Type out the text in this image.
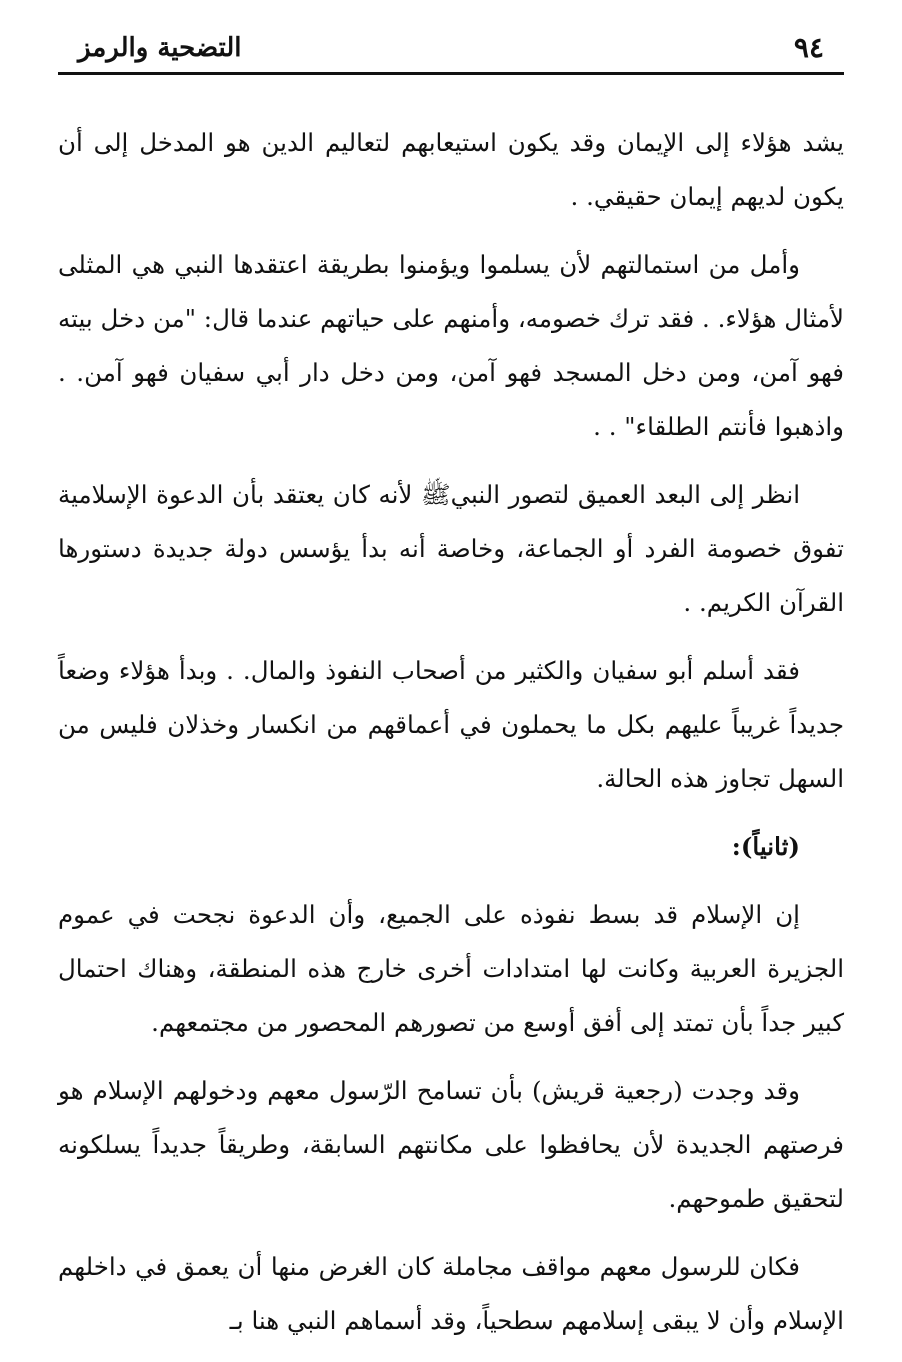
٩٤
التضحية والرمز

يشد هؤلاء إلى الإيمان وقد يكون استيعابهم لتعاليم الدين هو المدخل إلى أن يكون لديهم إيمان حقيقي. .

وأمل من استمالتهم لأن يسلموا ويؤمنوا بطريقة اعتقدها النبي هي المثلى لأمثال هؤلاء. . فقد ترك خصومه، وأمنهم على حياتهم عندما قال: "من دخل بيته فهو آمن، ومن دخل المسجد فهو آمن، ومن دخل دار أبي سفيان فهو آمن. . واذهبوا فأنتم الطلقاء" . .

انظر إلى البعد العميق لتصور النبيﷺ لأنه كان يعتقد بأن الدعوة الإسلامية تفوق خصومة الفرد أو الجماعة، وخاصة أنه بدأ يؤسس دولة جديدة دستورها القرآن الكريم. .

فقد أسلم أبو سفيان والكثير من أصحاب النفوذ والمال. . وبدأ هؤلاء وضعاً جديداً غريباً عليهم بكل ما يحملون في أعماقهم من انكسار وخذلان فليس من السهل تجاوز هذه الحالة.

(ثانياً):

إن الإسلام قد بسط نفوذه على الجميع، وأن الدعوة نجحت في عموم الجزيرة العربية وكانت لها امتدادات أخرى خارج هذه المنطقة، وهناك احتمال كبير جداً بأن تمتد إلى أفق أوسع من تصورهم المحصور من مجتمعهم.

وقد وجدت (رجعية قريش) بأن تسامح الرّسول معهم ودخولهم الإسلام هو فرصتهم الجديدة لأن يحافظوا على مكانتهم السابقة، وطريقاً جديداً يسلكونه لتحقيق طموحهم.

فكان للرسول معهم مواقف مجاملة كان الغرض منها أن يعمق في داخلهم الإسلام وأن لا يبقى إسلامهم سطحياً، وقد أسماهم النبي هنا بـ
